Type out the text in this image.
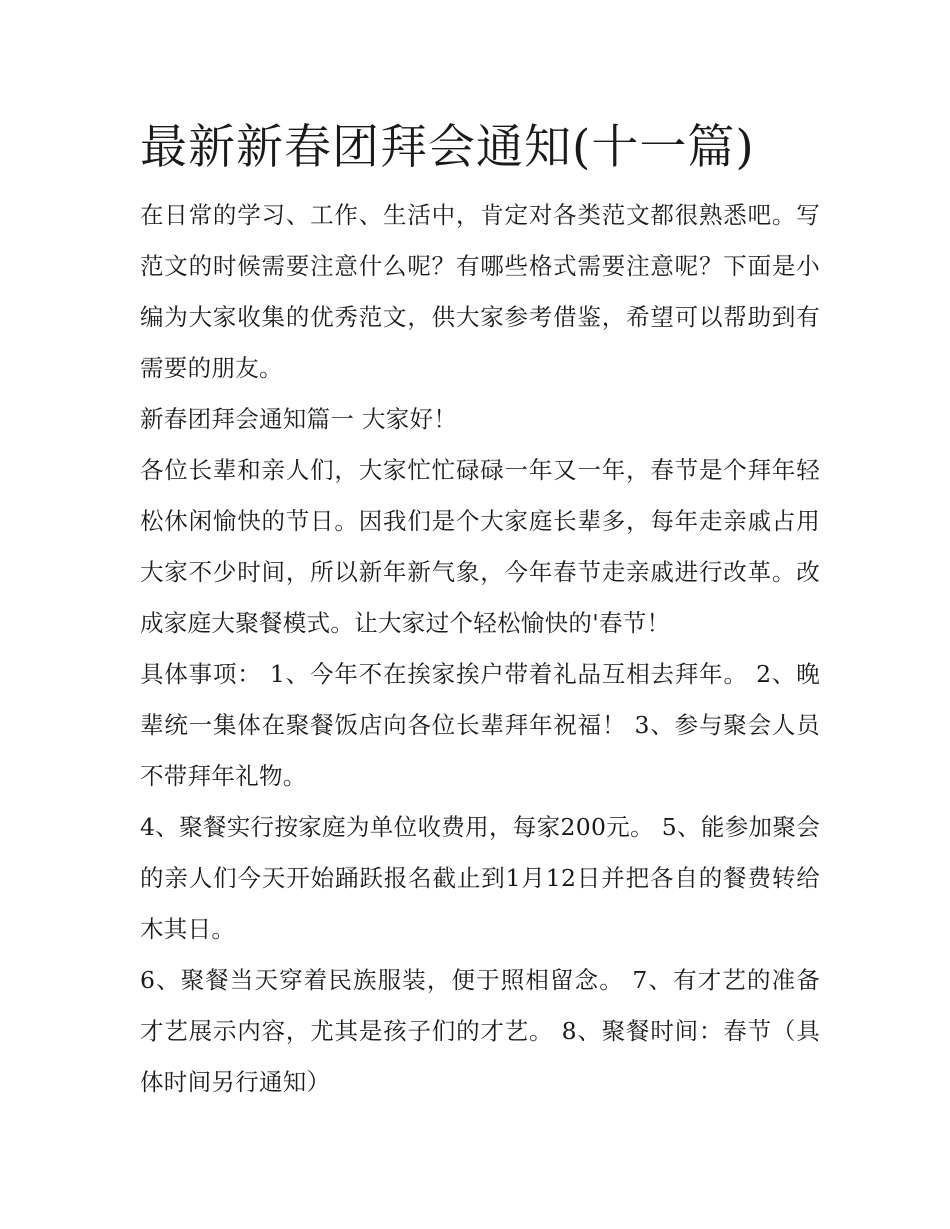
最新新春团拜会通知(十一篇)

在日常的学习、工作、生活中，肯定对各类范文都很熟悉吧。写范文的时候需要注意什么呢？有哪些格式需要注意呢？下面是小编为大家收集的优秀范文，供大家参考借鉴，希望可以帮助到有需要的朋友。

新春团拜会通知篇一 大家好！

各位长辈和亲人们，大家忙忙碌碌一年又一年，春节是个拜年轻松休闲愉快的节日。因我们是个大家庭长辈多，每年走亲戚占用大家不少时间，所以新年新气象，今年春节走亲戚进行改革。改成家庭大聚餐模式。让大家过个轻松愉快的'春节！

具体事项： 1、今年不在挨家挨户带着礼品互相去拜年。 2、晚辈统一集体在聚餐饭店向各位长辈拜年祝福！ 3、参与聚会人员不带拜年礼物。

4、聚餐实行按家庭为单位收费用，每家200元。 5、能参加聚会的亲人们今天开始踊跃报名截止到1月12日并把各自的餐费转给木其日。

6、聚餐当天穿着民族服装，便于照相留念。 7、有才艺的准备才艺展示内容，尤其是孩子们的才艺。 8、聚餐时间：春节（具体时间另行通知）
